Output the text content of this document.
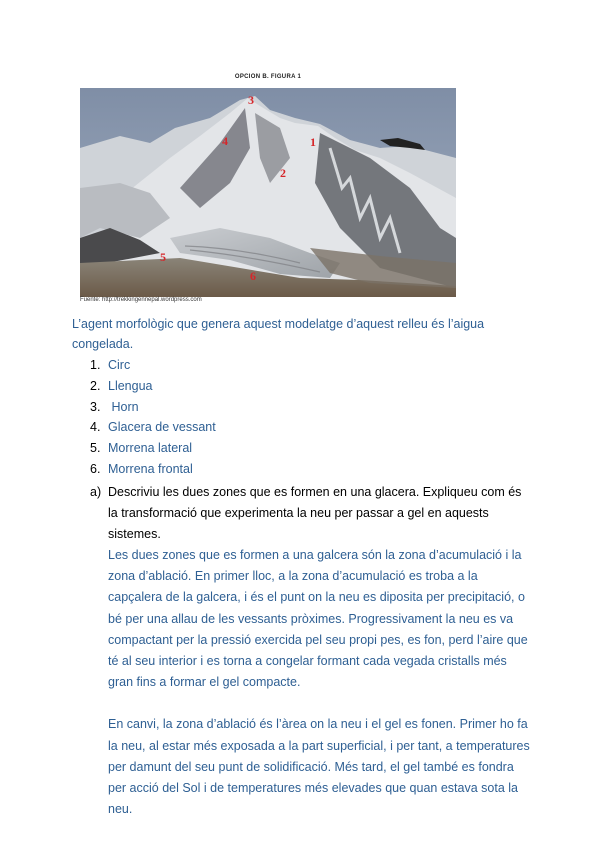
OPCION B. FIGURA 1
3
4	1
2
5
6
Fuente: http://trekkingennepal.wordpress.com

L’agent morfològic que genera aquest modelatge d’aquest relleu és l’aigua congelada.

1. Circ
2. Llengua
3. Horn
4. Glacera de vessant
5. Morrena lateral
6. Morrena frontal
a) Descriviu les dues zones que es formen en una glacera. Expliqueu com és la transformació que experimenta la neu per passar a gel en aquests sistemes.

Les dues zones que es formen a una galcera són la zona d’acumulació i la zona d’ablació. En primer lloc, a la zona d’acumulació es troba a la capçalera de la galcera, i és el punt on la neu es diposita per precipitació, o bé per una allau de les vessants pròximes. Progressivament la neu es va compactant per la pressió exercida pel seu propi pes, es fon, perd l’aire que té al seu interior i es torna a congelar formant cada vegada cristalls més gran fins a formar el gel compacte.

En canvi, la zona d’ablació és l’àrea on la neu i el gel es fonen. Primer ho fa la neu, al estar més exposada a la part superficial, i per tant, a temperatures per damunt del seu punt de solidificació. Més tard, el gel també es fondra per acció del Sol i de temperatures més elevades que quan estava sota la neu.
